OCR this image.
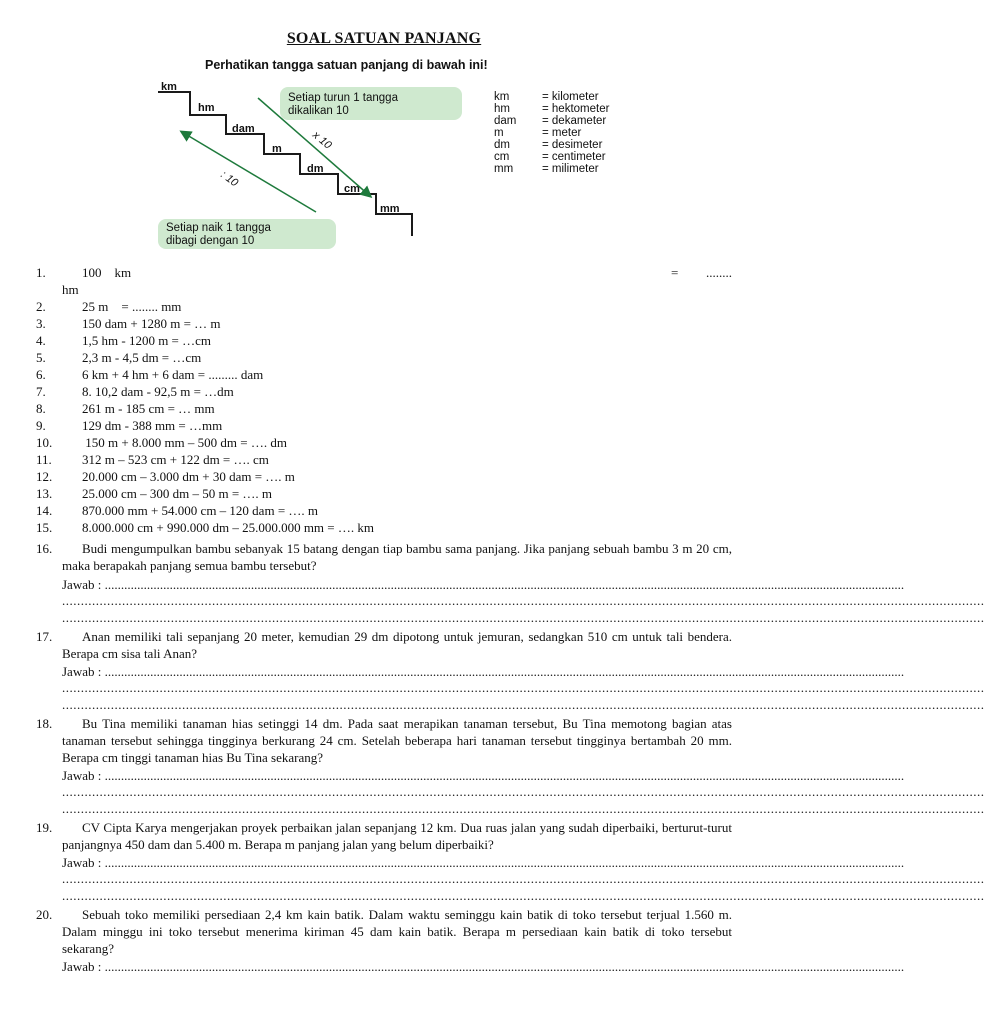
SOAL SATUAN PANJANG
Perhatikan tangga satuan panjang di bawah ini!
km
hm
dam
m
dm
cm
mm
x 10
: 10
Setiap turun 1 tangga
dikalikan 10
Setiap naik 1 tangga
dibagi dengan 10
km	= kilometer
hm	= hektometer
dam = dekameter
m	= meter
dm	= desimeter
cm	= centimeter
mm	= milimeter
1.	100    km	= ........
hm
2.	25 m    = ........ mm
3.	150 dam + 1280 m = … m
4.	1,5 hm - 1200 m = …cm
5.	2,3 m - 4,5 dm = …cm
6.	6 km + 4 hm + 6 dam = ......... dam
7.	8. 10,2 dam - 92,5 m = …dm
8.	261 m - 185 cm = … mm
9.	129 dm - 388 mm = …mm
10.	150 m + 8.000 mm – 500 dm = …. dm
11.	312 m – 523 cm + 122 dm = …. cm
12.	20.000 cm – 3.000 dm + 30 dam = …. m
13.	25.000 cm – 300 dm – 50 m = …. m
14.	870.000 mm + 54.000 cm – 120 dam = …. m
15.	8.000.000 cm + 990.000 dm – 25.000.000 mm = …. km
16. Budi mengumpulkan bambu sebanyak 15 batang dengan tiap bambu sama panjang. Jika panjang sebuah bambu 3 m 20 cm, maka berapakah panjang semua bambu tersebut?
Jawab : ......................................................................................................................................................................................................................................................
......................................................................................................................................................................................................................................................
......................................................................................................................................................................................................................................................
17. Anan memiliki tali sepanjang 20 meter, kemudian 29 dm dipotong untuk jemuran, sedangkan 510 cm untuk tali bendera. Berapa cm sisa tali Anan?
Jawab : ......................................................................................................................................................................................................................................................
......................................................................................................................................................................................................................................................
......................................................................................................................................................................................................................................................
18. Bu Tina memiliki tanaman hias setinggi 14 dm. Pada saat merapikan tanaman tersebut, Bu Tina memotong bagian atas tanaman tersebut sehingga tingginya berkurang 24 cm. Setelah beberapa hari tanaman tersebut tingginya bertambah 20 mm. Berapa cm tinggi tanaman hias Bu Tina sekarang?
Jawab : ......................................................................................................................................................................................................................................................
......................................................................................................................................................................................................................................................
......................................................................................................................................................................................................................................................
19. CV Cipta Karya mengerjakan proyek perbaikan jalan sepanjang 12 km. Dua ruas jalan yang sudah diperbaiki, berturut-turut panjangnya 450 dam dan 5.400 m. Berapa m panjang jalan yang belum diperbaiki?
Jawab : ......................................................................................................................................................................................................................................................
......................................................................................................................................................................................................................................................
......................................................................................................................................................................................................................................................
20. Sebuah toko memiliki persediaan 2,4 km kain batik. Dalam waktu seminggu kain batik di toko tersebut terjual 1.560 m. Dalam minggu ini toko tersebut menerima kiriman 45 dam kain batik. Berapa m persediaan kain batik di toko tersebut sekarang?
Jawab : ......................................................................................................................................................................................................................................................
